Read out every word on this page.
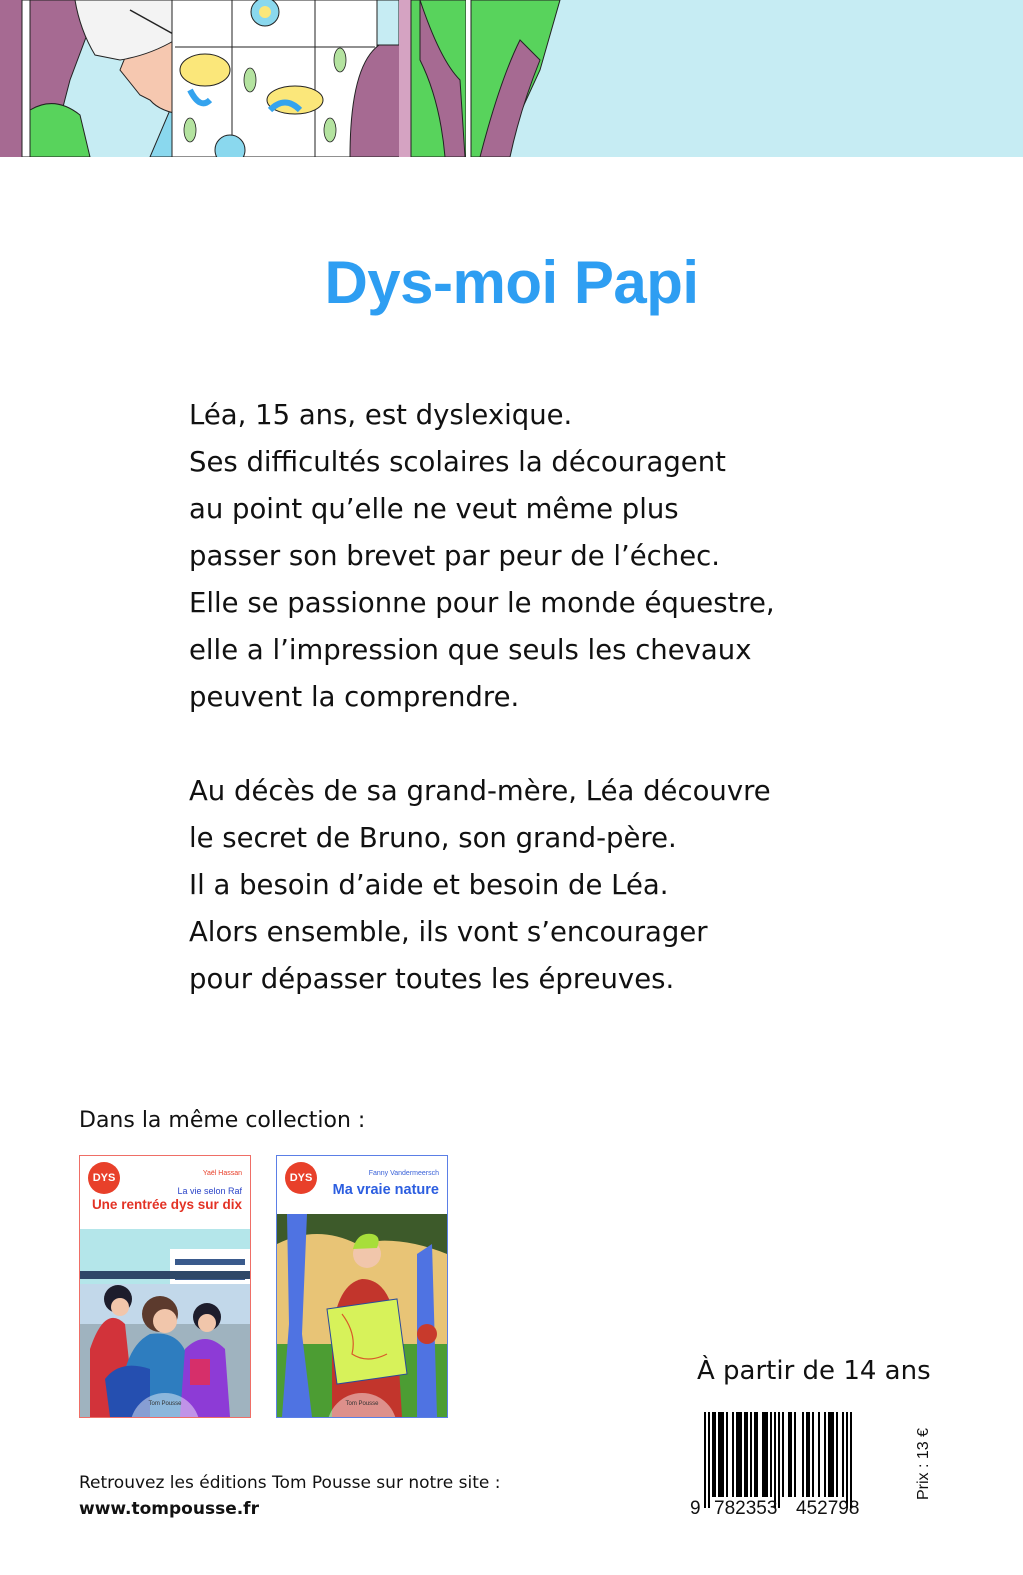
Dys-moi Papi

Léa, 15 ans, est dyslexique.
Ses difficultés scolaires la découragent
au point qu’elle ne veut même plus
passer son brevet par peur de l’échec.
Elle se passionne pour le monde équestre,
elle a l’impression que seuls les chevaux
peuvent la comprendre.

Au décès de sa grand-mère, Léa découvre
le secret de Bruno, son grand-père.
Il a besoin d’aide et besoin de Léa.
Alors ensemble, ils vont s’encourager
pour dépasser toutes les épreuves.

Dans la même collection :
DYS	Yaël Hassan
La vie selon Raf
Une rentrée dys sur dix
Tom Pousse
DYS	Fanny Vandermeersch
Ma vraie nature
Tom Pousse
À partir de 14 ans
9 782353 452798
Prix : 13 €
Retrouvez les éditions Tom Pousse sur notre site :
www.tompousse.fr
